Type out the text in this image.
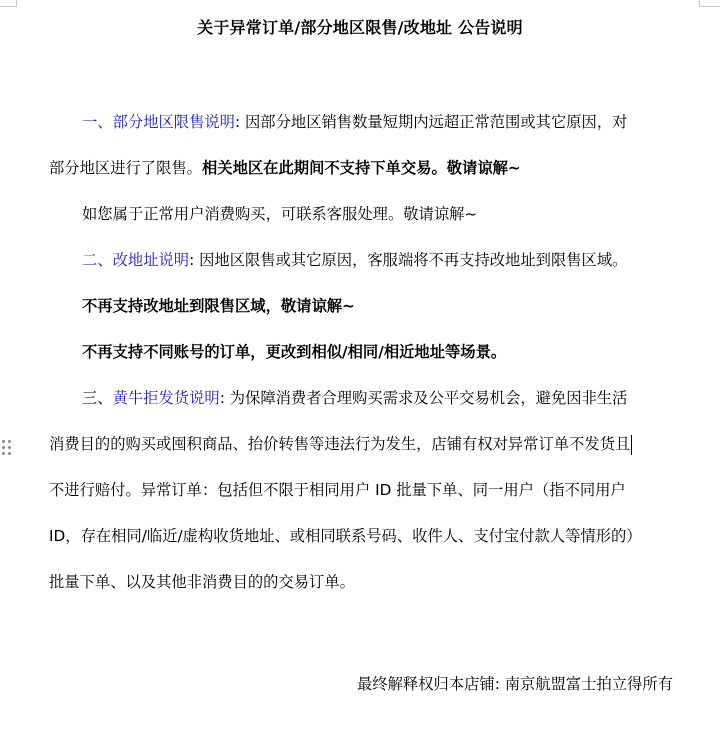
关于异常订单/部分地区限售/改地址 公告说明

一、部分地区限售说明: 因部分地区销售数量短期内远超正常范围或其它原因，对

部分地区进行了限售。相关地区在此期间不支持下单交易。敬请谅解~

如您属于正常用户消费购买，可联系客服处理。敬请谅解~

二、改地址说明: 因地区限售或其它原因，客服端将不再支持改地址到限售区域。

不再支持改地址到限售区域，敬请谅解~

不再支持不同账号的订单，更改到相似/相同/相近地址等场景。

三、黄牛拒发货说明: 为保障消费者合理购买需求及公平交易机会，避免因非生活

消费目的的购买或囤积商品、抬价转售等违法行为发生，店铺有权对异常订单不发货且

不进行赔付。异常订单：包括但不限于相同用户 ID 批量下单、同一用户（指不同用户

ID，存在相同/临近/虚构收货地址、或相同联系号码、收件人、支付宝付款人等情形的）

批量下单、以及其他非消费目的的交易订单。

最终解释权归本店铺: 南京航盟富士拍立得所有
